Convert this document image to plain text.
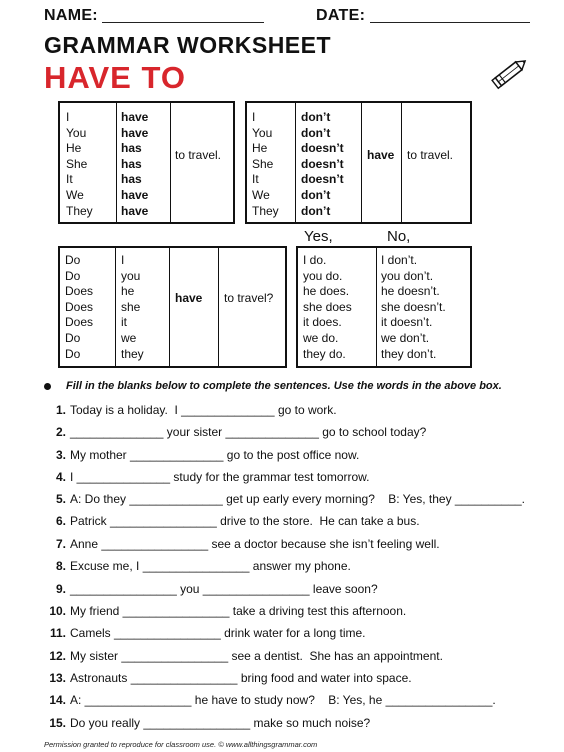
NAME:	DATE:
GRAMMAR WORKSHEET
HAVE TO
I
You
He
She
It
We
They
have
have
has
has
has
have
have
to travel.
I
You
He
She
It
We
They
don’t
don’t
doesn’t
doesn’t
doesn’t
don’t
don’t
have to travel.
Yes,	No,
Do
Do
Does
Does
Does
Do
Do
I
you
he
she
it
we
they
have to travel?
I do.
you do.
he does.
she does
it does.
we do.
they do.
I don’t.
you don’t.
he doesn’t.
she doesn’t.
it doesn’t.
we don’t.
they don’t.
Fill in the blanks below to complete the sentences. Use the words in the above box.
1. Today is a holiday.  I ______________ go to work.
2. ______________ your sister ______________ go to school today?
3. My mother ______________ go to the post office now.
4. I ______________ study for the grammar test tomorrow.
5. A: Do they ______________ get up early every morning?    B: Yes, they __________.
6. Patrick ________________ drive to the store.  He can take a bus.
7. Anne ________________ see a doctor because she isn’t feeling well.
8. Excuse me, I ________________ answer my phone.
9. ________________ you ________________ leave soon?
10. My friend ________________ take a driving test this afternoon.
11. Camels ________________ drink water for a long time.
12. My sister ________________ see a dentist.  She has an appointment.
13. Astronauts ________________ bring food and water into space.
14. A: ________________ he have to study now?    B: Yes, he ________________.
15. Do you really ________________ make so much noise?
Permission granted to reproduce for classroom use. © www.allthingsgrammar.com
